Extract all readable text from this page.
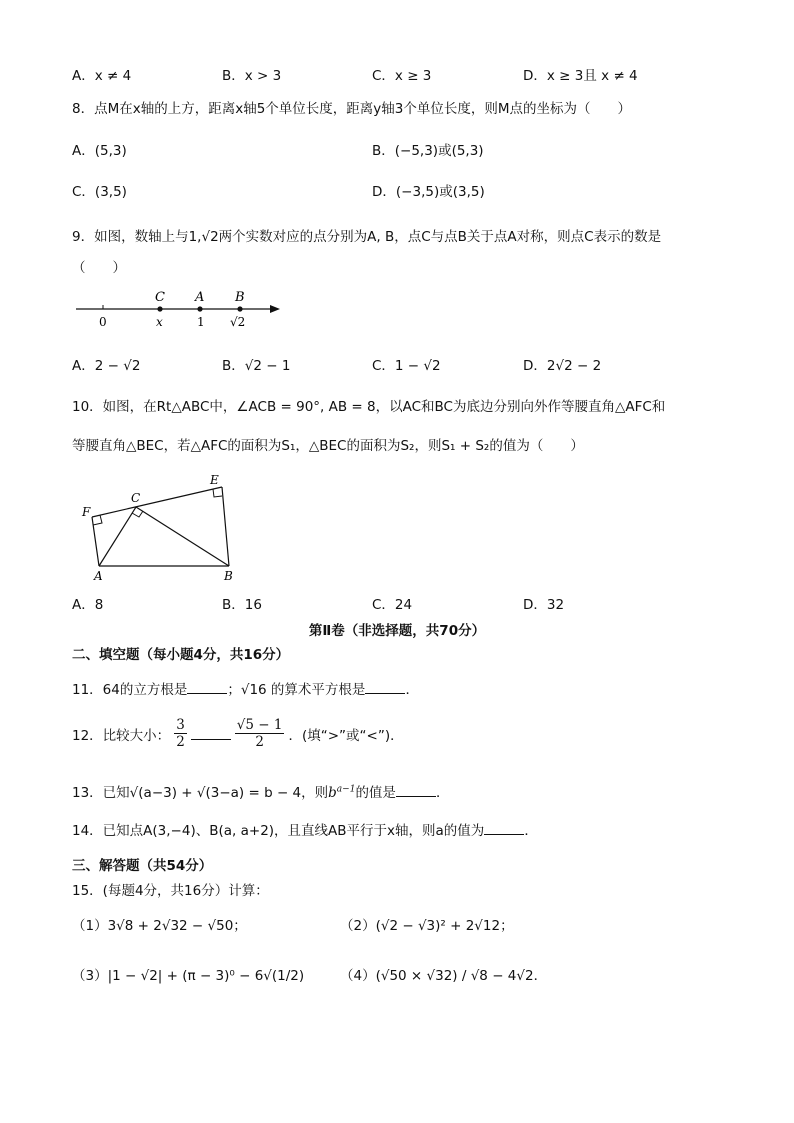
A．x ≠ 4	B．x > 3	C．x ≥ 3	D．x ≥ 3且 x ≠ 4
8．点M在x轴的上方，距离x轴5个单位长度，距离y轴3个单位长度，则M点的坐标为（　　）
A．(5,3)	B．(−5,3)或(5,3)
C．(3,5)	D．(−3,5)或(3,5)
9．如图，数轴上与1,√2两个实数对应的点分别为A, B，点C与点B关于点A对称，则点C表示的数是
（　　）
C A B
0	x	1 √2
A．2 − √2	B．√2 − 1	C．1 − √2	D．2√2 − 2
10．如图，在Rt△ABC中，∠ACB = 90°, AB = 8，以AC和BC为底边分别向外作等腰直角△AFC和
等腰直角△BEC，若△AFC的面积为S₁，△BEC的面积为S₂，则S₁ + S₂的值为（　　）
F
C
E
A	B
A．8	B．16	C．24	D．32
第Ⅱ卷（非选择题，共70分）
二、填空题（每小题4分，共16分）
11．64的立方根是	；√16 的算术平方根是	．
12．比较大小：
3
2
√5 − 1
2 ．(填“>”或“<”)．
13．已知√(a−3) + √(3−a) = b − 4，则$b^{a-1}$的值是	．
14．已知点A(3,−4)、B(a, a+2)，且直线AB平行于x轴，则a的值为	．
三、解答题（共54分）
15．(每题4分，共16分）计算：
（1）3√8 + 2√32 − √50；	（2）(√2 − √3)² + 2√12；
（3）|1 − √2| + (π − 3)⁰ − 6√(1/2)	（4）(√50 × √32) / √8 − 4√2．
